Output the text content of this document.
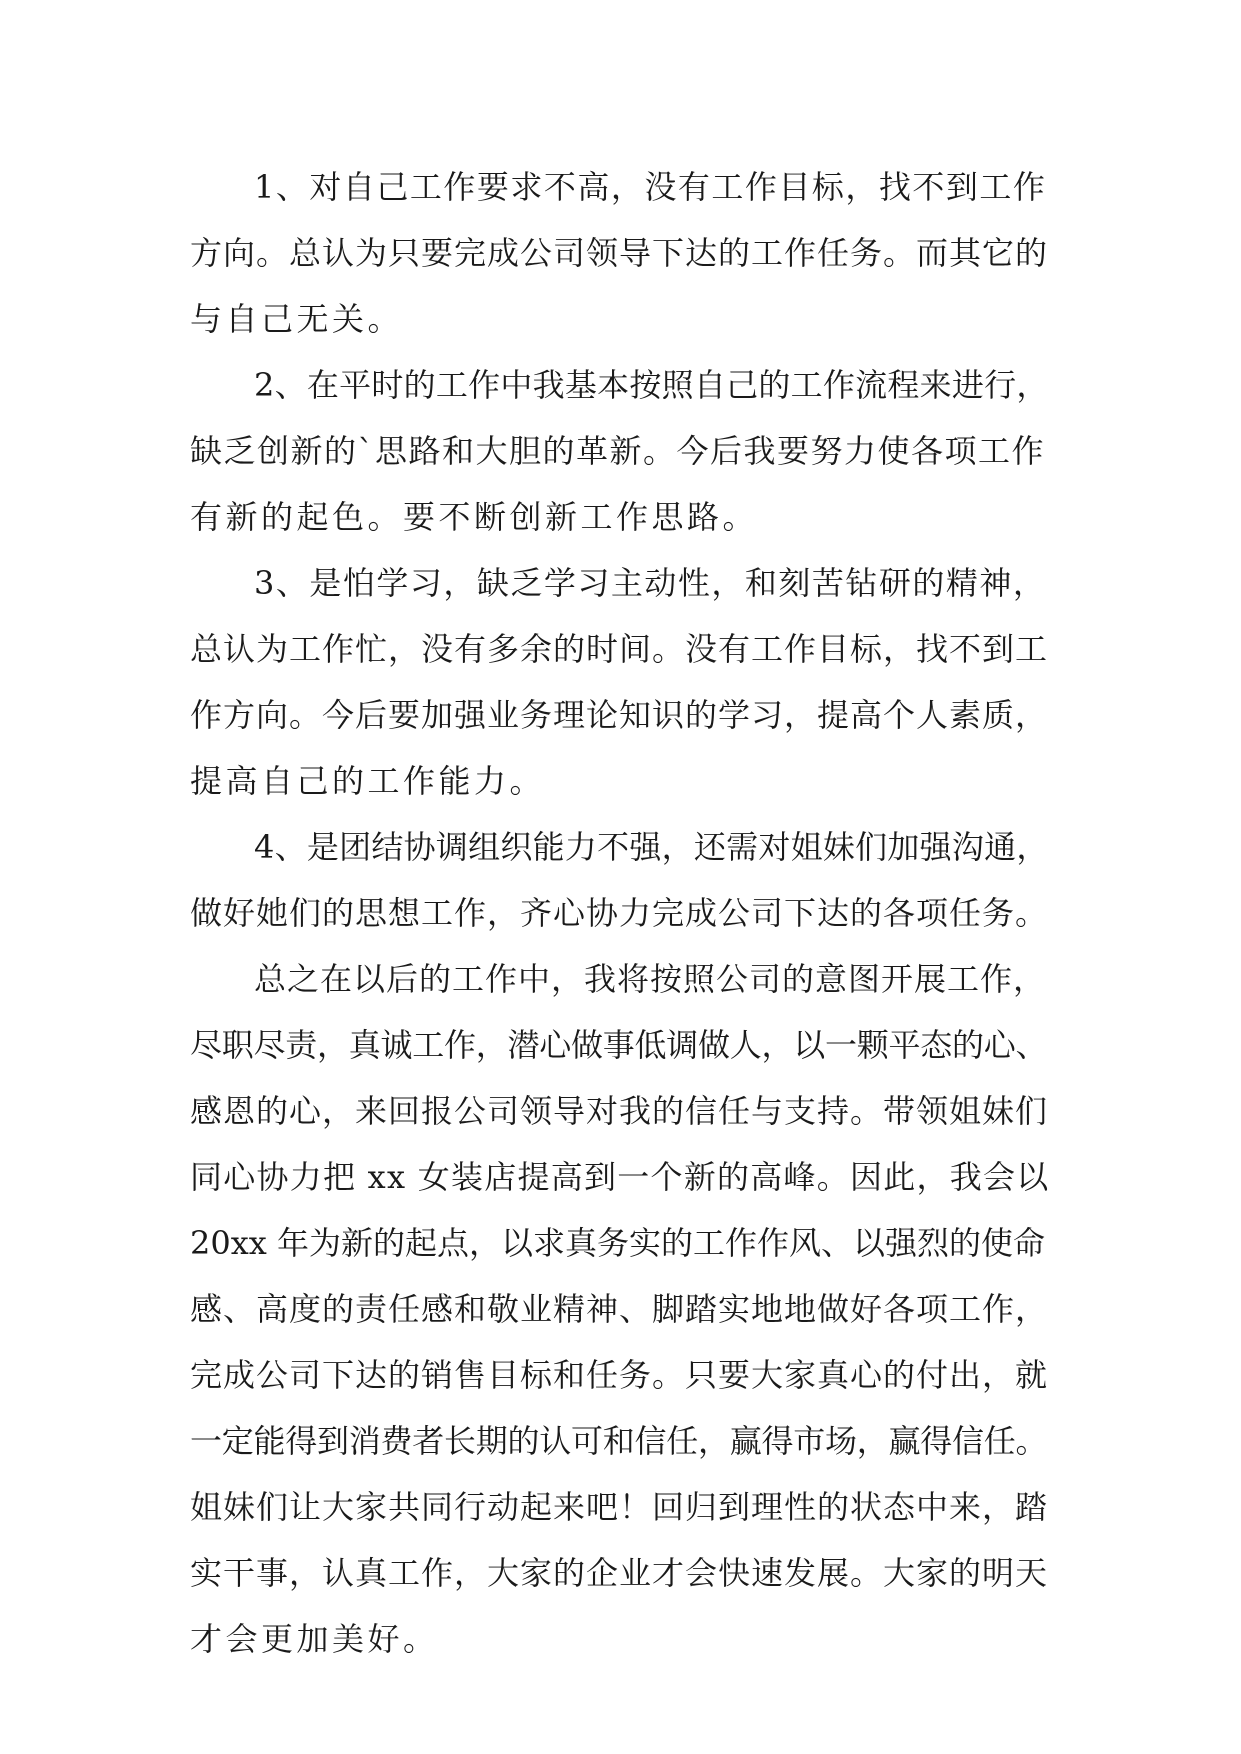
1、对自己工作要求不高，没有工作目标，找不到工作
方向。总认为只要完成公司领导下达的工作任务。而其它的
与自己无关。
2、在平时的工作中我基本按照自己的工作流程来进行，
缺乏创新的`思路和大胆的革新。今后我要努力使各项工作
有新的起色。要不断创新工作思路。
3、是怕学习，缺乏学习主动性，和刻苦钻研的精神，
总认为工作忙，没有多余的时间。没有工作目标，找不到工
作方向。今后要加强业务理论知识的学习，提高个人素质，
提高自己的工作能力。
4、是团结协调组织能力不强，还需对姐妹们加强沟通，
做好她们的思想工作，齐心协力完成公司下达的各项任务。
总之在以后的工作中，我将按照公司的意图开展工作，
尽职尽责，真诚工作，潜心做事低调做人，以一颗平态的心、
感恩的心，来回报公司领导对我的信任与支持。带领姐妹们
同心协力把 xx 女装店提高到一个新的高峰。因此，我会以
20xx 年为新的起点，以求真务实的工作作风、以强烈的使命
感、高度的责任感和敬业精神、脚踏实地地做好各项工作，
完成公司下达的销售目标和任务。只要大家真心的付出，就
一定能得到消费者长期的认可和信任，赢得市场，赢得信任。
姐妹们让大家共同行动起来吧！回归到理性的状态中来，踏
实干事，认真工作，大家的企业才会快速发展。大家的明天
才会更加美好。
